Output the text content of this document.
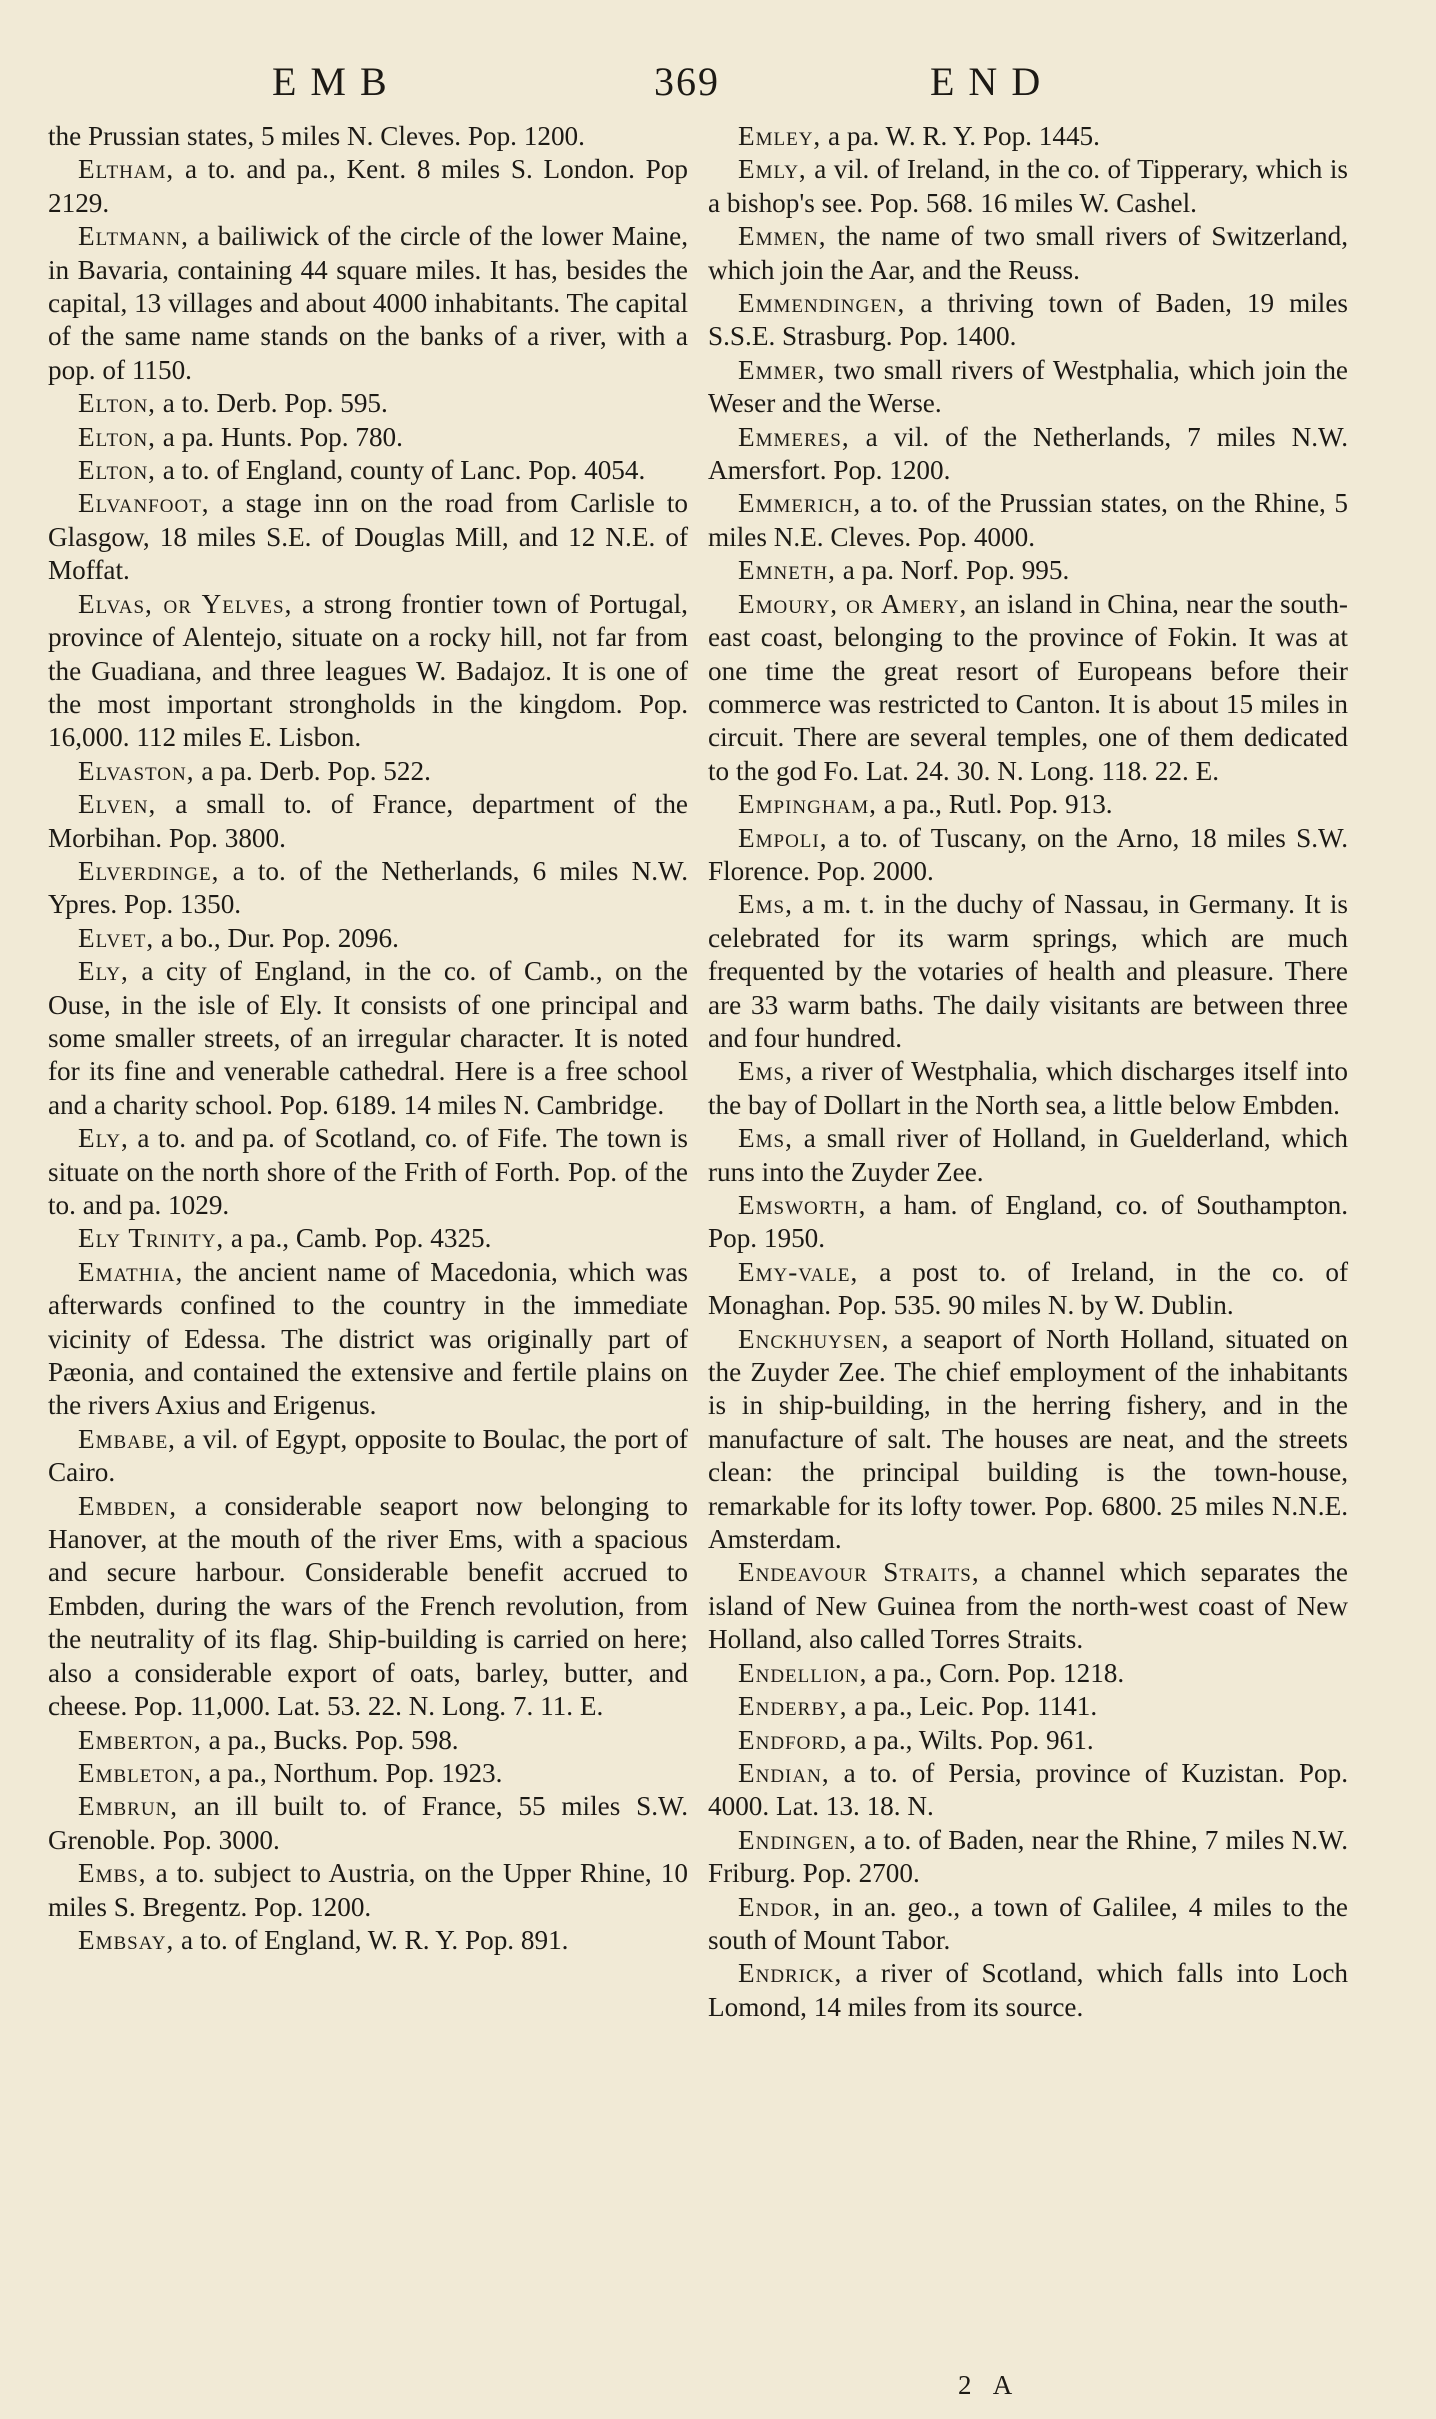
EMB	369	END

the Prussian states, 5 miles N. Cleves. Pop. 1200.

Eltham, a to. and pa., Kent. 8 miles S. London. Pop 2129.

Eltmann, a bailiwick of the circle of the lower Maine, in Bavaria, containing 44 square miles. It has, besides the capital, 13 villages and about 4000 inhabitants. The capital of the same name stands on the banks of a river, with a pop. of 1150.

Elton, a to. Derb. Pop. 595.

Elton, a pa. Hunts. Pop. 780.

Elton, a to. of England, county of Lanc. Pop. 4054.

Elvanfoot, a stage inn on the road from Carlisle to Glasgow, 18 miles S.E. of Douglas Mill, and 12 N.E. of Moffat.

Elvas, or Yelves, a strong frontier town of Portugal, province of Alentejo, situate on a rocky hill, not far from the Guadiana, and three leagues W. Badajoz. It is one of the most important strongholds in the kingdom. Pop. 16,000. 112 miles E. Lisbon.

Elvaston, a pa. Derb. Pop. 522.

Elven, a small to. of France, department of the Morbihan. Pop. 3800.

Elverdinge, a to. of the Netherlands, 6 miles N.W. Ypres. Pop. 1350.

Elvet, a bo., Dur. Pop. 2096.

Ely, a city of England, in the co. of Camb., on the Ouse, in the isle of Ely. It consists of one principal and some smaller streets, of an irregular character. It is noted for its fine and venerable cathedral. Here is a free school and a charity school. Pop. 6189. 14 miles N. Cambridge.

Ely, a to. and pa. of Scotland, co. of Fife. The town is situate on the north shore of the Frith of Forth. Pop. of the to. and pa. 1029.

Ely Trinity, a pa., Camb. Pop. 4325.

Emathia, the ancient name of Macedonia, which was afterwards confined to the country in the immediate vicinity of Edessa. The district was originally part of Pæonia, and contained the extensive and fertile plains on the rivers Axius and Erigenus.

Embabe, a vil. of Egypt, opposite to Boulac, the port of Cairo.

Embden, a considerable seaport now belonging to Hanover, at the mouth of the river Ems, with a spacious and secure harbour. Considerable benefit accrued to Embden, during the wars of the French revolution, from the neutrality of its flag. Ship-building is carried on here; also a considerable export of oats, barley, butter, and cheese. Pop. 11,000. Lat. 53. 22. N. Long. 7. 11. E.

Emberton, a pa., Bucks. Pop. 598.

Embleton, a pa., Northum. Pop. 1923.

Embrun, an ill built to. of France, 55 miles S.W. Grenoble. Pop. 3000.

Embs, a to. subject to Austria, on the Upper Rhine, 10 miles S. Bregentz. Pop. 1200.

Embsay, a to. of England, W. R. Y. Pop. 891.

Emley, a pa. W. R. Y. Pop. 1445.

Emly, a vil. of Ireland, in the co. of Tipperary, which is a bishop's see. Pop. 568. 16 miles W. Cashel.

Emmen, the name of two small rivers of Switzerland, which join the Aar, and the Reuss.

Emmendingen, a thriving town of Baden, 19 miles S.S.E. Strasburg. Pop. 1400.

Emmer, two small rivers of Westphalia, which join the Weser and the Werse.

Emmeres, a vil. of the Netherlands, 7 miles N.W. Amersfort. Pop. 1200.

Emmerich, a to. of the Prussian states, on the Rhine, 5 miles N.E. Cleves. Pop. 4000.

Emneth, a pa. Norf. Pop. 995.

Emoury, or Amery, an island in China, near the south-east coast, belonging to the province of Fokin. It was at one time the great resort of Europeans before their commerce was restricted to Canton. It is about 15 miles in circuit. There are several temples, one of them dedicated to the god Fo. Lat. 24. 30. N. Long. 118. 22. E.

Empingham, a pa., Rutl. Pop. 913.

Empoli, a to. of Tuscany, on the Arno, 18 miles S.W. Florence. Pop. 2000.

Ems, a m. t. in the duchy of Nassau, in Germany. It is celebrated for its warm springs, which are much frequented by the votaries of health and pleasure. There are 33 warm baths. The daily visitants are between three and four hundred.

Ems, a river of Westphalia, which discharges itself into the bay of Dollart in the North sea, a little below Embden.

Ems, a small river of Holland, in Guelderland, which runs into the Zuyder Zee.

Emsworth, a ham. of England, co. of Southampton. Pop. 1950.

Emy-vale, a post to. of Ireland, in the co. of Monaghan. Pop. 535. 90 miles N. by W. Dublin.

Enckhuysen, a seaport of North Holland, situated on the Zuyder Zee. The chief employment of the inhabitants is in ship-building, in the herring fishery, and in the manufacture of salt. The houses are neat, and the streets clean: the principal building is the town-house, remarkable for its lofty tower. Pop. 6800. 25 miles N.N.E. Amsterdam.

Endeavour Straits, a channel which separates the island of New Guinea from the north-west coast of New Holland, also called Torres Straits.

Endellion, a pa., Corn. Pop. 1218.

Enderby, a pa., Leic. Pop. 1141.

Endford, a pa., Wilts. Pop. 961.

Endian, a to. of Persia, province of Kuzistan. Pop. 4000. Lat. 13. 18. N.

Endingen, a to. of Baden, near the Rhine, 7 miles N.W. Friburg. Pop. 2700.

Endor, in an. geo., a town of Galilee, 4 miles to the south of Mount Tabor.

Endrick, a river of Scotland, which falls into Loch Lomond, 14 miles from its source.

2 A
